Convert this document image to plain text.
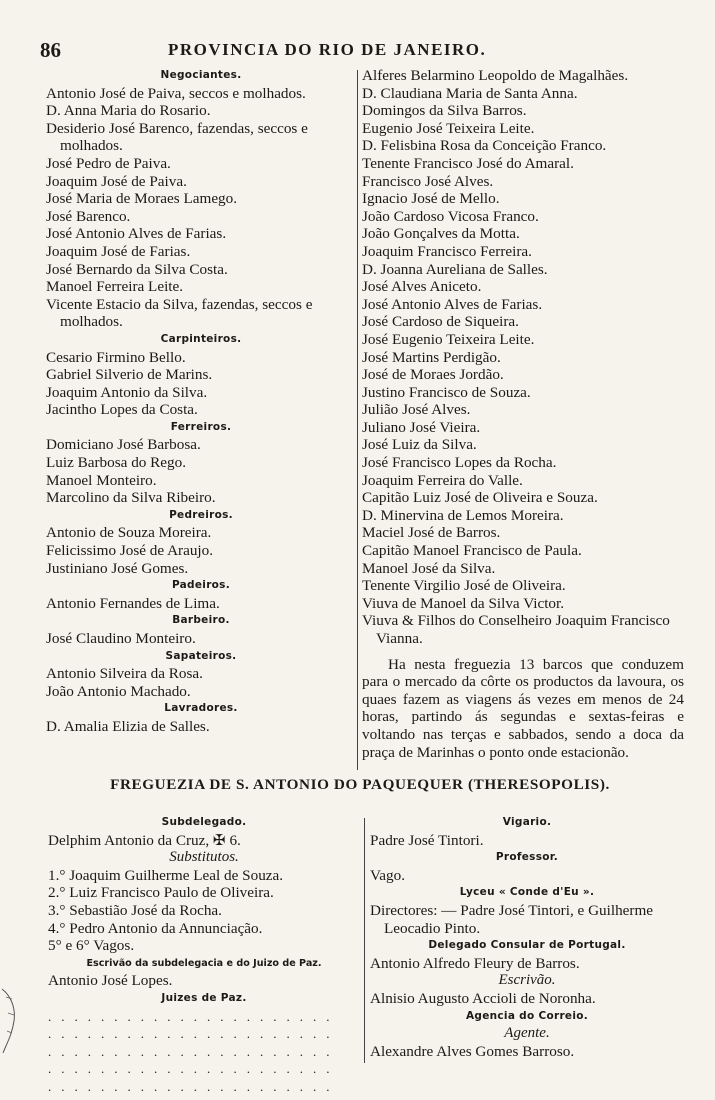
86	PROVINCIA DO RIO DE JANEIRO.
Negociantes.
Antonio José de Paiva, seccos e molhados.
D. Anna Maria do Rosario.
Desiderio José Barenco, fazendas, seccos e molhados.
José Pedro de Paiva.
Joaquim José de Paiva.
José Maria de Moraes Lamego.
José Barenco.
José Antonio Alves de Farias.
Joaquim José de Farias.
José Bernardo da Silva Costa.
Manoel Ferreira Leite.
Vicente Estacio da Silva, fazendas, seccos e molhados.
Carpinteiros.
Cesario Firmino Bello.
Gabriel Silverio de Marins.
Joaquim Antonio da Silva.
Jacintho Lopes da Costa.
Ferreiros.
Domiciano José Barbosa.
Luiz Barbosa do Rego.
Manoel Monteiro.
Marcolino da Silva Ribeiro.
Pedreiros.
Antonio de Souza Moreira.
Felicissimo José de Araujo.
Justiniano José Gomes.
Padeiros.
Antonio Fernandes de Lima.
Barbeiro.
José Claudino Monteiro.
Sapateiros.
Antonio Silveira da Rosa.
João Antonio Machado.
Lavradores.
D. Amalia Elizia de Salles.
Alferes Belarmino Leopoldo de Magalhães.
D. Claudiana Maria de Santa Anna.
Domingos da Silva Barros.
Eugenio José Teixeira Leite.
D. Felisbina Rosa da Conceição Franco.
Tenente Francisco José do Amaral.
Francisco José Alves.
Ignacio José de Mello.
João Cardoso Vicosa Franco.
João Gonçalves da Motta.
Joaquim Francisco Ferreira.
D. Joanna Aureliana de Salles.
José Alves Aniceto.
José Antonio Alves de Farias.
José Cardoso de Siqueira.
José Eugenio Teixeira Leite.
José Martins Perdigão.
José de Moraes Jordão.
Justino Francisco de Souza.
Julião José Alves.
Juliano José Vieira.
José Luiz da Silva.
José Francisco Lopes da Rocha.
Joaquim Ferreira do Valle.
Capitão Luiz José de Oliveira e Souza.
D. Minervina de Lemos Moreira.
Maciel José de Barros.
Capitão Manoel Francisco de Paula.
Manoel José da Silva.
Tenente Virgilio José de Oliveira.
Viuva de Manoel da Silva Victor.
Viuva & Filhos do Conselheiro Joaquim Francisco Vianna.
Ha nesta freguezia 13 barcos que conduzem para o mercado da côrte os productos da lavoura, os quaes fazem as viagens ás vezes em menos de 24 horas, partindo ás segundas e sextas-feiras e voltando nas terças e sabbados, sendo a doca da praça de Marinhas o ponto onde estacionão.
FREGUEZIA DE S. ANTONIO DO PAQUEQUER (THERESOPOLIS).
Subdelegado.
Delphim Antonio da Cruz, ✠ 6.
Substitutos.
1.° Joaquim Guilherme Leal de Souza.
2.° Luiz Francisco Paulo de Oliveira.
3.° Sebastião José da Rocha.
4.° Pedro Antonio da Annunciação.
5° e 6° Vagos.
Escrivão da subdelegacia e do Juizo de Paz.
Antonio José Lopes.
Juizes de Paz.
......................
......................
......................
......................
......................
Vigario.
Padre José Tintori.
Professor.
Vago.
Lyceu « Conde d'Eu ».
Directores: — Padre José Tintori, e Guilherme Leocadio Pinto.
Delegado Consular de Portugal.
Antonio Alfredo Fleury de Barros.
Escrivão.
Alnisio Augusto Accioli de Noronha.
Agencia do Correio.
Agente.
Alexandre Alves Gomes Barroso.
